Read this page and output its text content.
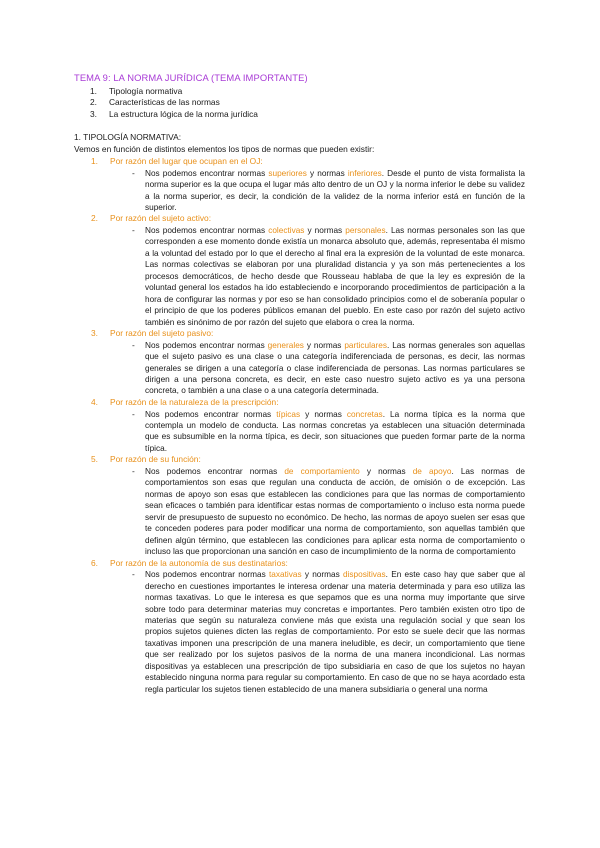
TEMA 9: LA NORMA JURÍDICA (TEMA IMPORTANTE)
1.	Tipología normativa
2.	Características de las normas
3.	La estructura lógica de la norma jurídica
1. TIPOLOGÍA NORMATIVA:
Vemos en función de distintos elementos los tipos de normas que pueden existir:
1.	Por razón del lugar que ocupan en el OJ:
-	Nos podemos encontrar normas superiores y normas inferiores. Desde el punto de vista formalista la norma superior es la que ocupa el lugar más alto dentro de un OJ y la norma inferior le debe su validez a la norma superior, es decir, la condición de la validez de la norma inferior está en función de la superior.
2.	Por razón del sujeto activo:
-	Nos podemos encontrar normas colectivas y normas personales. Las normas personales son las que corresponden a ese momento donde existía un monarca absoluto que, además, representaba él mismo a la voluntad del estado por lo que el derecho al final era la expresión de la voluntad de este monarca. Las normas colectivas se elaboran por una pluralidad distancia y ya son más pertenecientes a los procesos democráticos, de hecho desde que Rousseau hablaba de que la ley es expresión de la voluntad general los estados ha ido estableciendo e incorporando procedimientos de participación a la hora de configurar las normas y por eso se han consolidado principios como el de soberanía popular o el principio de que los poderes públicos emanan del pueblo. En este caso por razón del sujeto activo también es sinónimo de por razón del sujeto que elabora o crea la norma.
3.	Por razón del sujeto pasivo:
-	Nos podemos encontrar normas generales y normas particulares. Las normas generales son aquellas que el sujeto pasivo es una clase o una categoría indiferenciada de personas, es decir, las normas generales se dirigen a una categoría o clase indiferenciada de personas. Las normas particulares se dirigen a una persona concreta, es decir, en este caso nuestro sujeto activo es ya una persona concreta, o también a una clase o a una categoría determinada.
4.	Por razón de la naturaleza de la prescripción:
-	Nos podemos encontrar normas típicas y normas concretas. La norma típica es la norma que contempla un modelo de conducta. Las normas concretas ya establecen una situación determinada que es subsumible en la norma típica, es decir, son situaciones que pueden formar parte de la norma típica.
5.	Por razón de su función:
-	Nos podemos encontrar normas de comportamiento y normas de apoyo. Las normas de comportamientos son esas que regulan una conducta de acción, de omisión o de excepción. Las normas de apoyo son esas que establecen las condiciones para que las normas de comportamiento sean eficaces o también para identificar estas normas de comportamiento o incluso esta norma puede servir de presupuesto de supuesto no económico. De hecho, las normas de apoyo suelen ser esas que te conceden poderes para poder modificar una norma de comportamiento, son aquellas también que definen algún término, que establecen las condiciones para aplicar esta norma de comportamiento o incluso las que proporcionan una sanción en caso de incumplimiento de la norma de comportamiento
6.	Por razón de la autonomía de sus destinatarios:
-	Nos podemos encontrar normas taxativas y normas dispositivas. En este caso hay que saber que al derecho en cuestiones importantes le interesa ordenar una materia determinada y para eso utiliza las normas taxativas. Lo que le interesa es que sepamos que es una norma muy importante que sirve sobre todo para determinar materias muy concretas e importantes. Pero también existen otro tipo de materias que según su naturaleza conviene más que exista una regulación social y que sean los propios sujetos quienes dicten las reglas de comportamiento. Por esto se suele decir que las normas taxativas imponen una prescripción de una manera ineludible, es decir, un comportamiento que tiene que ser realizado por los sujetos pasivos de la norma de una manera incondicional. Las normas dispositivas ya establecen una prescripción de tipo subsidiaria en caso de que los sujetos no hayan establecido ninguna norma para regular su comportamiento. En caso de que no se haya acordado esta regla particular los sujetos tienen establecido de una manera subsidiaria o general una norma
